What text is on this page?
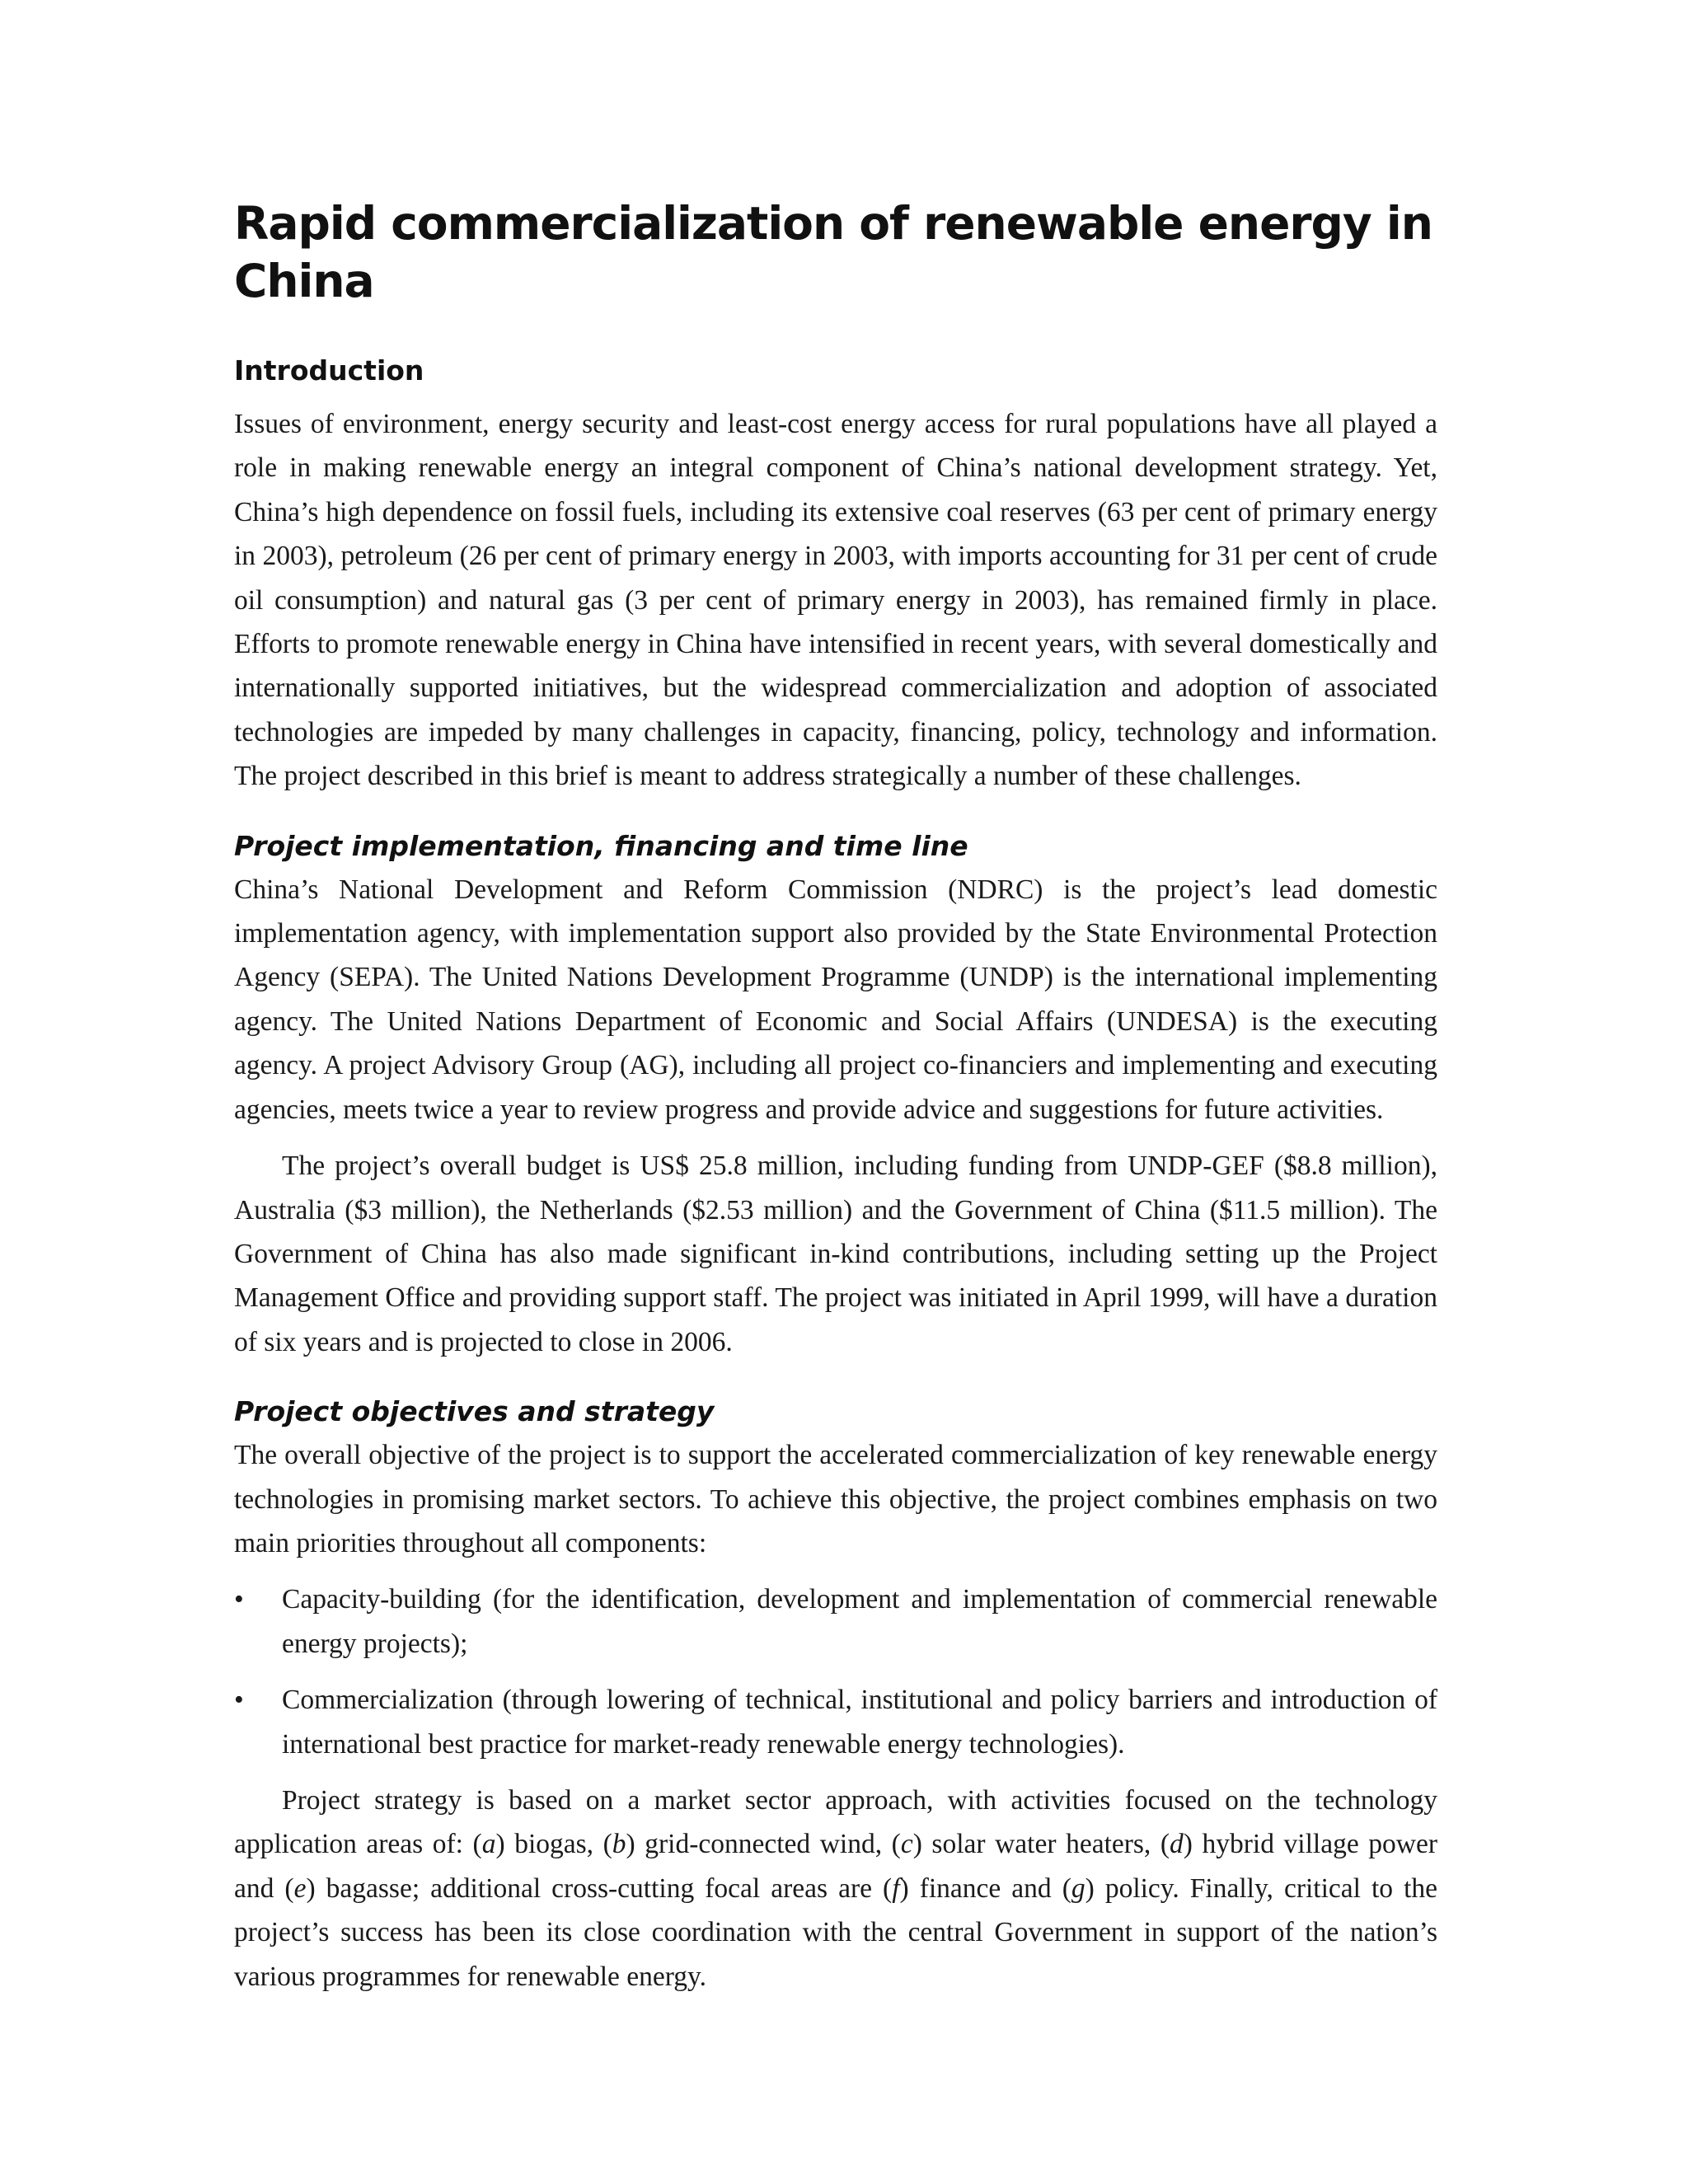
Rapid commercialization of renewable energy in China
Introduction

Issues of environment, energy security and least-cost energy access for rural populations have all played a role in making renewable energy an integral component of China’s national development strategy. Yet, China’s high dependence on fossil fuels, including its extensive coal reserves (63 per cent of primary energy in 2003), petroleum (26 per cent of primary energy in 2003, with imports accounting for 31 per cent of crude oil consumption) and natural gas (3 per cent of primary energy in 2003), has remained firmly in place. Efforts to promote renewable energy in China have intensified in recent years, with several domestically and internationally supported initiatives, but the widespread commercialization and adoption of associated technologies are impeded by many challenges in capacity, financing, policy, technology and information. The project described in this brief is meant to address strategically a number of these challenges.

Project implementation, financing and time line

China’s National Development and Reform Commission (NDRC) is the project’s lead domestic implementation agency, with implementation support also provided by the State Environmental Protection Agency (SEPA). The United Nations Development Programme (UNDP) is the international implementing agency. The United Nations Department of Economic and Social Affairs (UNDESA) is the executing agency. A project Advisory Group (AG), including all project co-financiers and implementing and executing agencies, meets twice a year to review progress and provide advice and suggestions for future activities.

The project’s overall budget is US$ 25.8 million, including funding from UNDP-GEF ($8.8 million), Australia ($3 million), the Netherlands ($2.53 million) and the Government of China ($11.5 million). The Government of China has also made significant in-kind contributions, including setting up the Project Management Office and providing support staff. The project was initiated in April 1999, will have a duration of six years and is projected to close in 2006.

Project objectives and strategy

The overall objective of the project is to support the accelerated commercialization of key renewable energy technologies in promising market sectors. To achieve this objective, the project combines emphasis on two main priorities throughout all components:

• Capacity-building (for the identification, development and implementation of commercial renewable energy projects);
• Commercialization (through lowering of technical, institutional and policy barriers and introduction of international best practice for market-ready renewable energy technologies).

Project strategy is based on a market sector approach, with activities focused on the technology application areas of: (a) biogas, (b) grid-connected wind, (c) solar water heaters, (d) hybrid village power and (e) bagasse; additional cross-cutting focal areas are (f) finance and (g) policy. Finally, critical to the project’s success has been its close coordination with the central Government in support of the nation’s various programmes for renewable energy.
